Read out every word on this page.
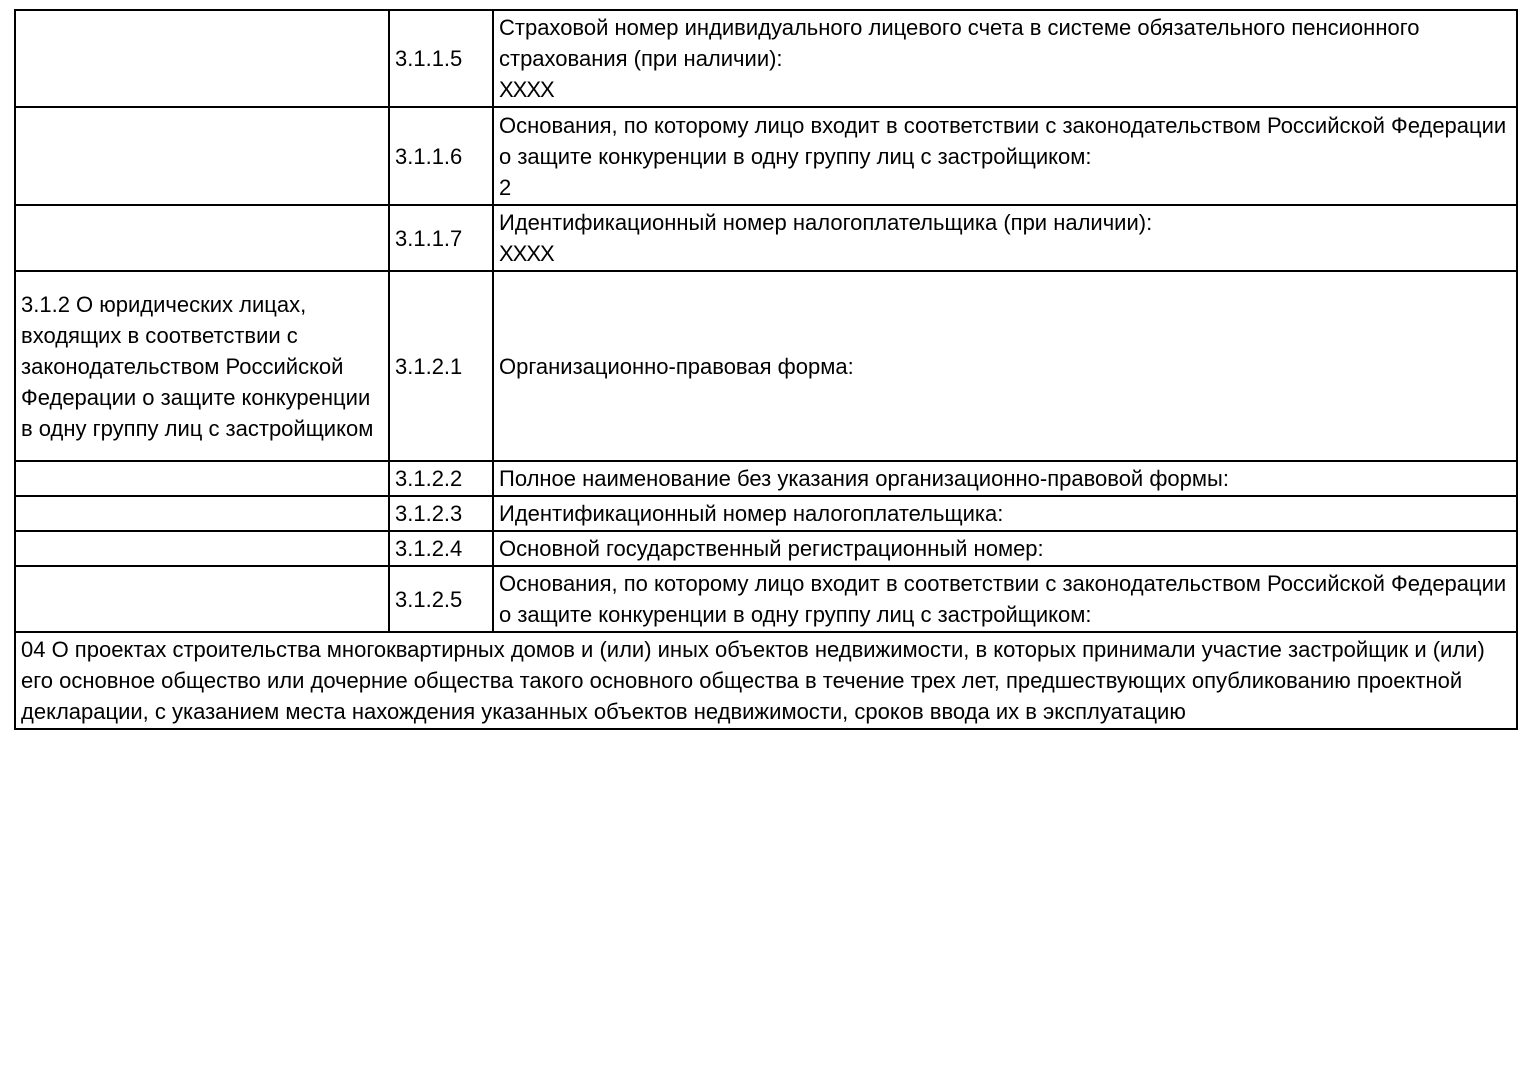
	3.1.1.5	Страховой номер индивидуального лицевого счета в системе обязательного пенсионного страхования (при наличии):
XXXX

	3.1.1.6	Основания, по которому лицо входит в соответствии с законодательством Российской Федерации о защите конкуренции в одну группу лиц с застройщиком:
2

	3.1.1.7	Идентификационный номер налогоплательщика (при наличии):
XXXX

3.1.2 О юридических лицах, входящих в соответствии с законодательством Российской Федерации о защите конкуренции в одну группу лиц с застройщиком	3.1.2.1	Организационно-правовая форма:

	3.1.2.2	Полное наименование без указания организационно-правовой формы:

	3.1.2.3	Идентификационный номер налогоплательщика:

	3.1.2.4	Основной государственный регистрационный номер:

	3.1.2.5	Основания, по которому лицо входит в соответствии с законодательством Российской Федерации о защите конкуренции в одну группу лиц с застройщиком:

04 О проектах строительства многоквартирных домов и (или) иных объектов недвижимости, в которых принимали участие застройщик и (или) его основное общество или дочерние общества такого основного общества в течение трех лет, предшествующих опубликованию проектной декларации, с указанием места нахождения указанных объектов недвижимости, сроков ввода их в эксплуатацию		
